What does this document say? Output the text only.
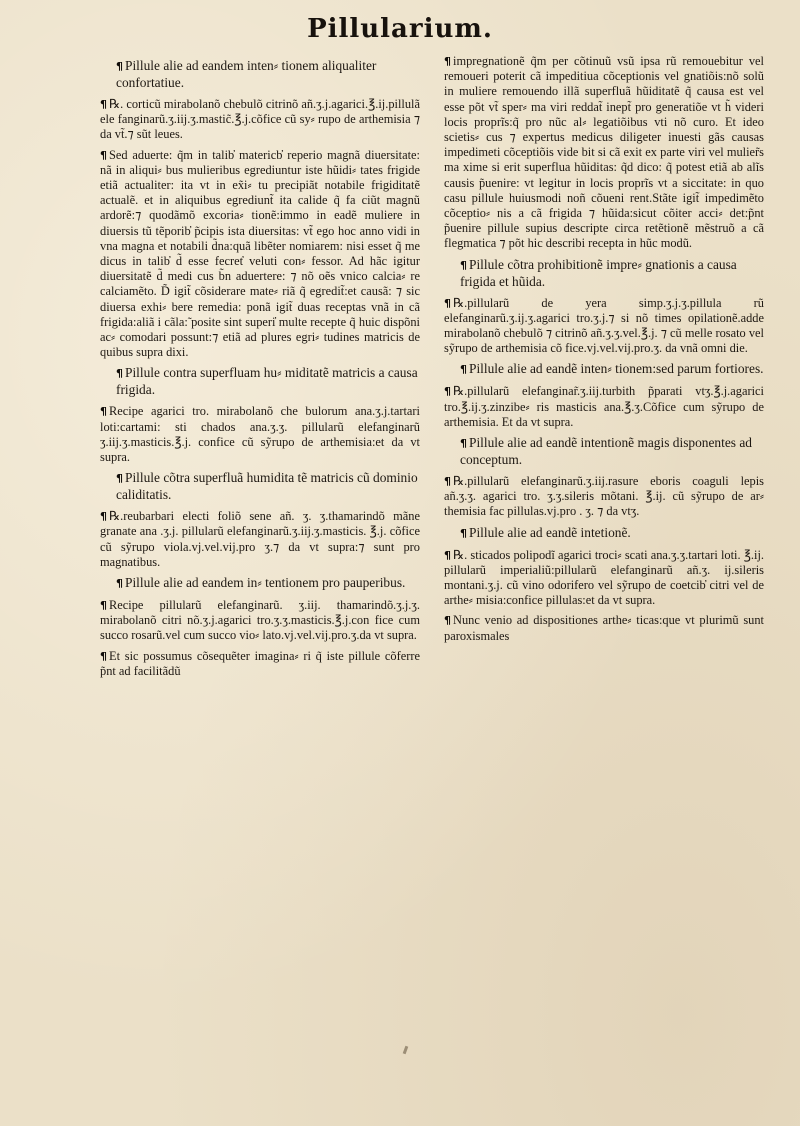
Pillularium.

¶ Pillule alie ad eandem inten⸗ tionem aliqualiter confortatiue.

¶ ℞. corticũ mirabolanõ chebulõ citrinõ añ.ʒ.j.agarici.℥.ij.pillulã ele fanginarũ.ʒ.iij.ʒ.mastic̃.℥.j.cõfice cũ sy⸗ rupo de arthemisia ⁊ da vt̃.⁊ sũt leues.

¶ Sed aduerte: q̃m in talib̓ matericb̓ reperio magnã diuersitate: nã in aliqui⸗ bus mulieribus egrediuntur iste hũidi⸗ tates frigide etiã actualiter: ita vt in ex̃i⸗ tu precipiãt notabile frigiditatẽ actualẽ. et in aliquibus egrediunt̃ ita calide q̃ fa ciũt magnũ ardorẽ:⁊ quodãmõ excoria⸗ tionẽ:immo in eadẽ muliere in diuersis tũ tẽporib̓ p̃cipis ista diuersitas: vt̃ ego hoc anno vidi in vna magna et notabili d̃na:quã libẽter nomiarem: nisi esset q̃ me dicus in talib̓ d̃ esse fecret̓ veluti con⸗ fessor. Ad hãc igitur diuersitatẽ d̃ medi cus b̃n aduertere: ⁊ nõ oẽs vnico calcia⸗ re calciamẽto. D̃ igit̃ cõsiderare mate⸗ riã q̃ egredit̃:et causã: ⁊ sic diuersa exhi⸗ bere remedia: ponã igit̃ duas receptas vnã in cã frigida:aliã i cãla:̃ posite sint superi̓ multe recepte q̃ huic dispõni ac⸗ comodari possunt:⁊ etiã ad plures egri⸗ tudines matricis de quibus supra dixi.

¶ Pillule contra superfluam hu⸗ miditatẽ matricis a causa frigida.

¶ Recipe agarici tro. mirabolanõ che bulorum ana.ʒ.j.tartari loti:cartami: sti chados ana.ʒ.ʒ. pillularũ elefanginarũ ʒ.iij.ʒ.masticis.℥.j. confice cũ sỹrupo de arthemisia:et da vt supra.

¶ Pillule cõtra superfluã humidita tẽ matricis cũ dominio caliditatis.

¶ ℞.reubarbari electi foliõ sene añ. ʒ. ʒ.thamarindõ mãne granate ana .ʒ.j. pillularũ elefanginarũ.ʒ.iij.ʒ.masticis. ℥.j. cõfice cũ sỹrupo viola.vj.vel.vij.pro ʒ.⁊ da vt supra:⁊ sunt pro magnatibus.

¶ Pillule alie ad eandem in⸗ tentionem pro pauperibus.

¶ Recipe pillularũ elefanginarũ. ʒ.iij. thamarindõ.ʒ.j.ʒ. mirabolanõ citri nõ.ʒ.j.agarici tro.ʒ.ʒ.masticis.℥.j.con fice cum succo rosarũ.vel cum succo vio⸗ lato.vj.vel.vij.pro.ʒ.da vt supra.

¶ Et sic possumus cõsequẽter imagina⸗ ri q̃ iste pillule cõferre p̃nt ad facilitãdũ

¶ impregnationẽ q̃m per cõtinuũ vsũ ipsa rũ remouebitur vel remoueri poterit cã impeditiua cõceptionis vel gnatiõis:nõ solũ in muliere remouendo illã superfluã hũiditatẽ q̃ causa est vel esse põt vt̃ sper⸗ ma viri reddat̃ inept̃ pro generatiõe vt h̃ videri locis proprĩs:q̃ pro nũc al⸗ legatiõibus vti nõ curo. Et ideo scietis⸗ cus ⁊ expertus medicus diligeter inuesti gãs causas impedimeti cõceptiõis vide bit si cã exit ex parte viri vel mulier̃s ma xime si erit superflua hũiditas: q̃d dico: q̃ potest etiã ab alĩs causis p̃uenire: vt legitur in locis proprĩs vt a siccitate: in quo casu pillule huiusmodi noñ cõueni rent.Stãte igit̃ impedimẽto cõceptio⸗ nis a cã frigida ⁊ hũida:sicut cõiter acci⸗ det:p̃nt p̃uenire pillule supius descripte circa retẽtionẽ mẽstruõ a cã flegmatica ⁊ põt hic describi recepta in hũc modũ.

¶ Pillule cõtra prohibitionẽ impre⸗ gnationis a causa frigida et hũida.

¶ ℞.pillularũ de yera simp.ʒ.j.ʒ.pillula rũ elefanginarũ.ʒ.ij.ʒ.agarici tro.ʒ.j.⁊ si nõ times opilationẽ.adde mirabolanõ chebulõ ⁊ citrinõ añ.ʒ.ʒ.vel.℥.j. ⁊ cũ melle rosato vel sỹrupo de arthemisia cõ fice.vj.vel.vij.pro.ʒ. da vnã omni die.

¶ Pillule alie ad eandẽ inten⸗ tionem:sed parum fortiores.

¶ ℞.pillularũ elefanginar̃.ʒ.iij.turbith p̃parati vtʒ.℥.j.agarici tro.℥.ij.ʒ.zinzibe⸗ ris masticis ana.℥.ʒ.Cõfice cum sỹrupo de arthemisia. Et da vt supra.

¶ Pillule alie ad eandẽ intentionẽ magis disponentes ad conceptum.

¶ ℞.pillularũ elefanginarũ.ʒ.iij.rasure eboris coaguli lepis añ.ʒ.ʒ. agarici tro. ʒ.ʒ.sileris mõtani. ℥.ij. cũ sỹrupo de ar⸗ themisia fac pillulas.vj.pro . ʒ. ⁊ da vtʒ.

¶ Pillule alie ad eandẽ intetionẽ.

¶ ℞. sticados polipodĩ agarici troci⸗ scati ana.ʒ.ʒ.tartari loti. ℥.ij. pillularũ imperialiũ:pillularũ elefanginarũ añ.ʒ. ij.sileris montani.ʒ.j. cũ vino odorifero vel sỹrupo de coetcib̓ citri vel de arthe⸗ misia:confice pillulas:et da vt supra.

¶ Nunc venio ad dispositiones arthe⸗ ticas:que vt plurimũ sunt paroxismales
